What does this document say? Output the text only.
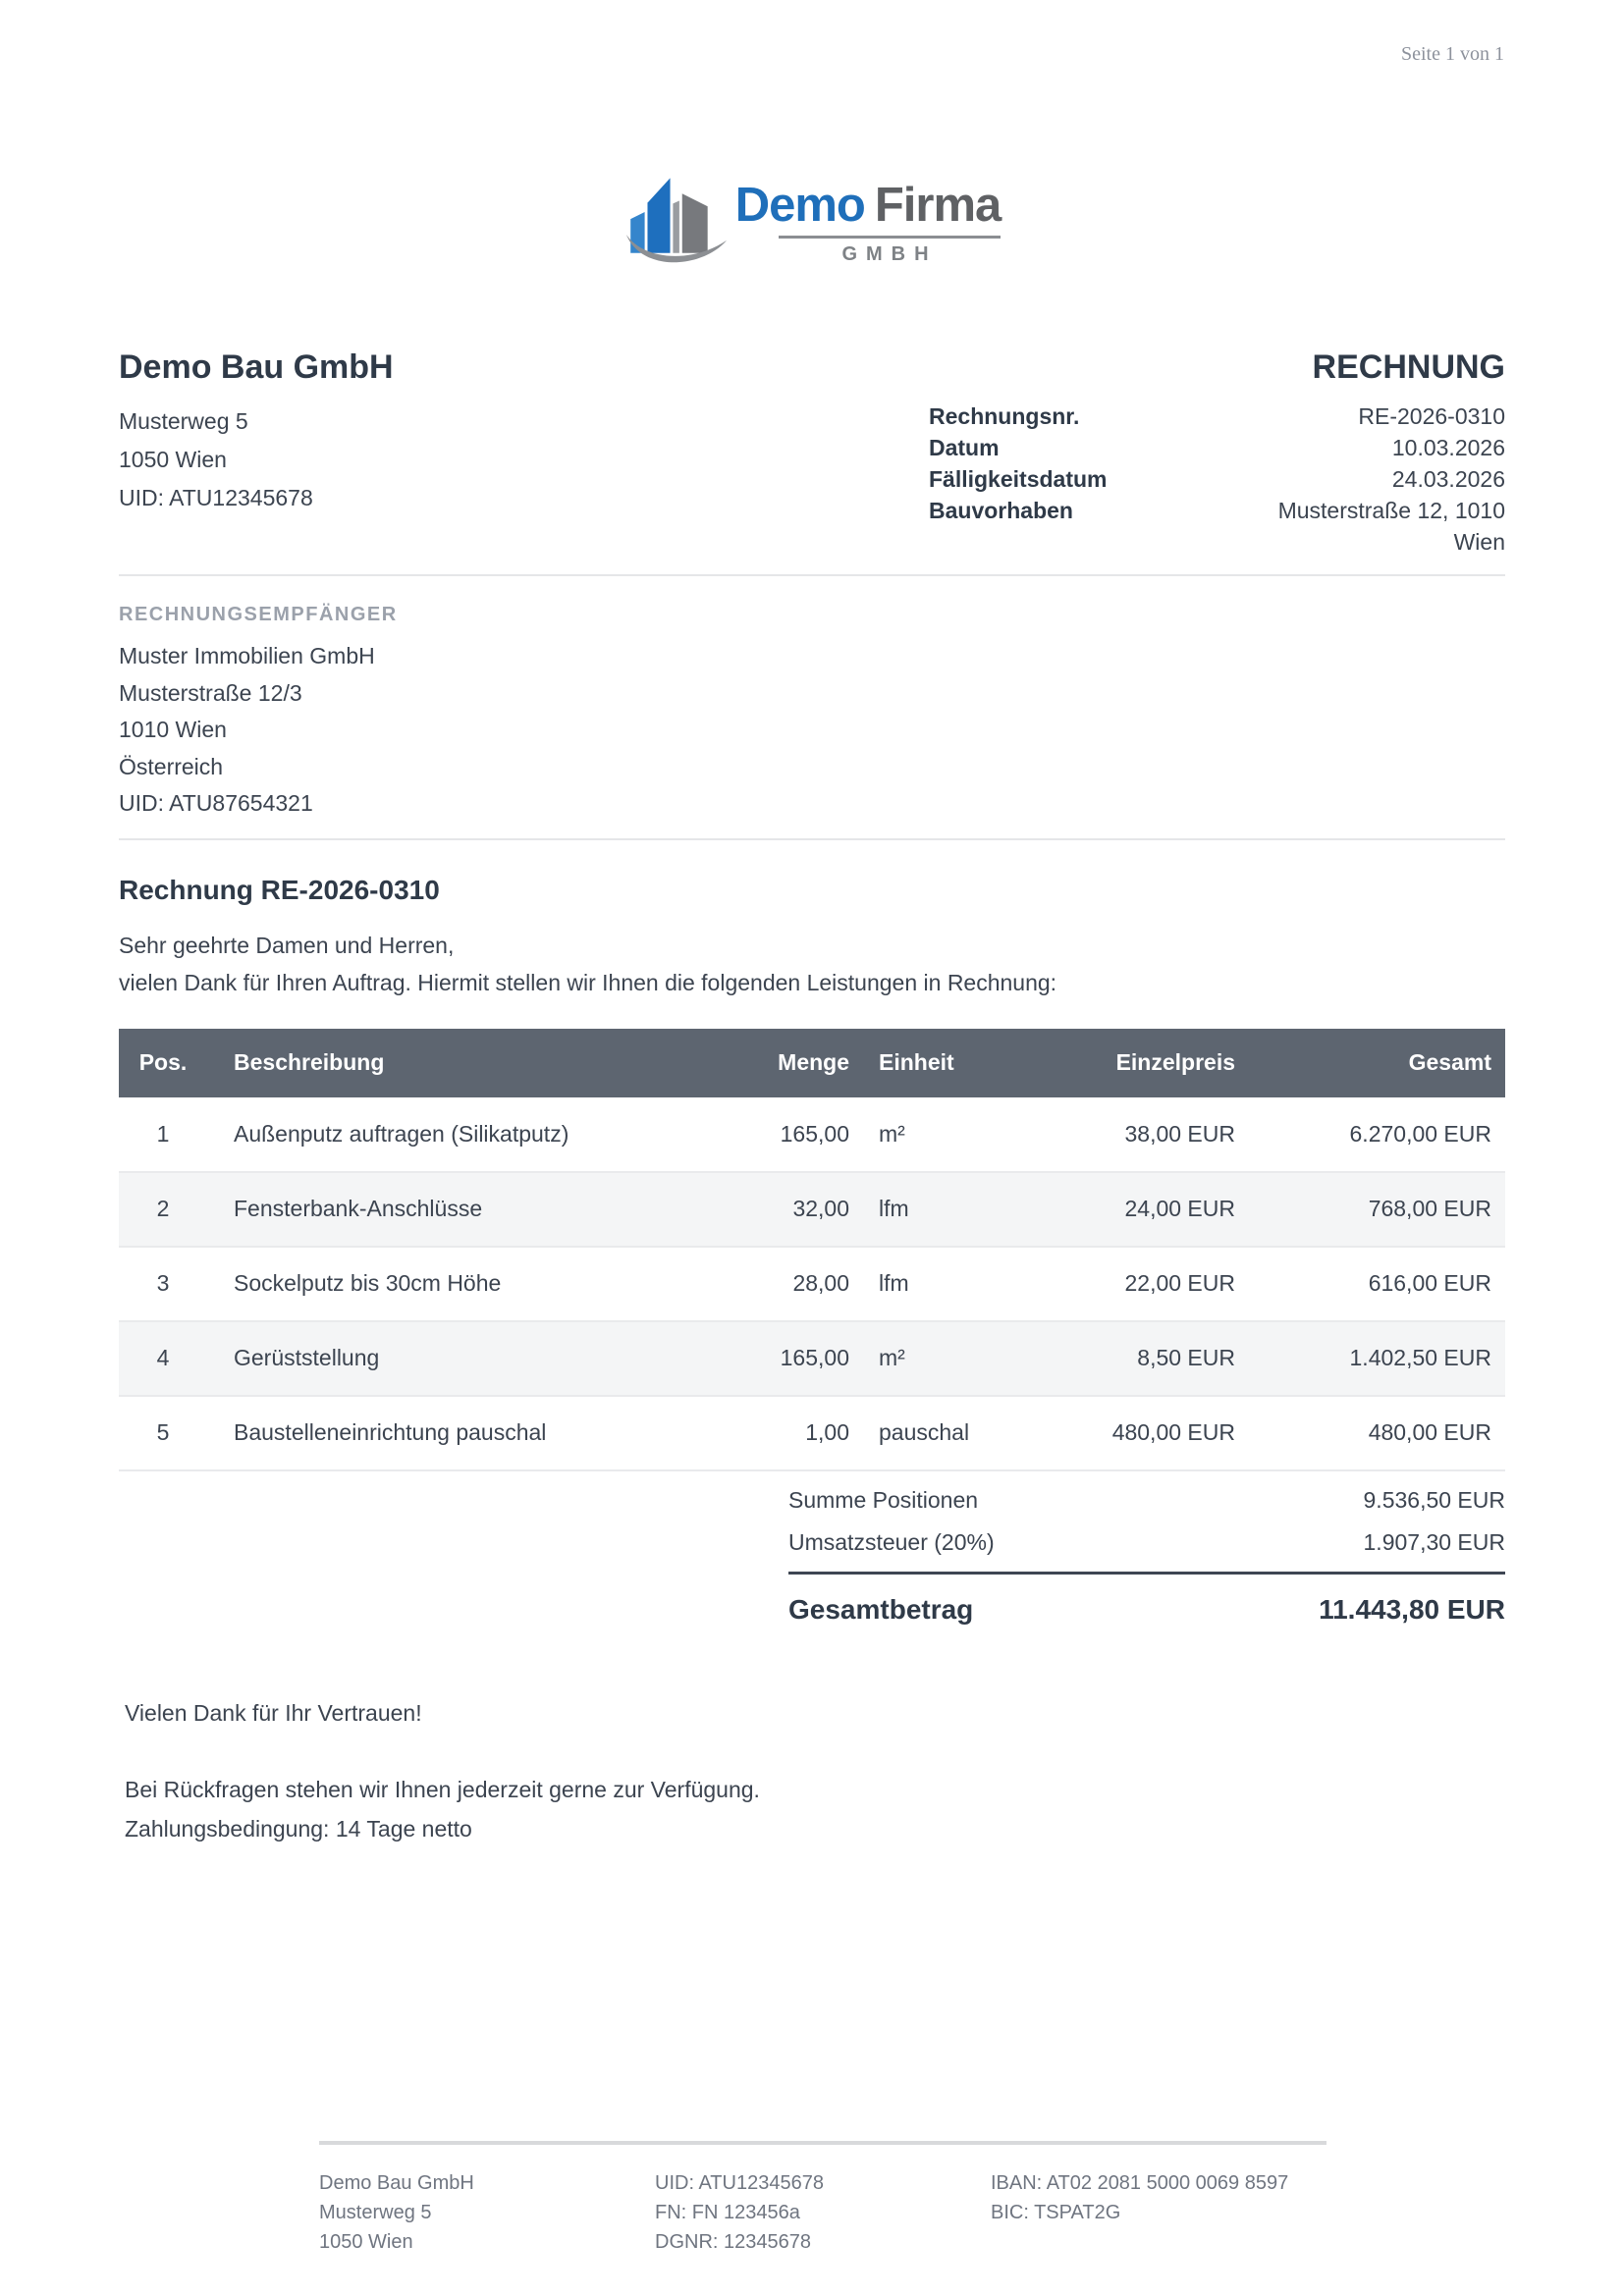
Seite 1 von 1
Demo Firma
GMBH
Demo Bau GmbH
Musterweg 5
1050 Wien
UID: ATU12345678
RECHNUNG
Rechnungsnr.	RE-2026-0310
Datum	10.03.2026
Fälligkeitsdatum	24.03.2026
Bauvorhaben	Musterstraße 12, 1010 Wien
RECHNUNGSEMPFÄNGER
Muster Immobilien GmbH
Musterstraße 12/3
1010 Wien
Österreich
UID: ATU87654321
Rechnung RE-2026-0310
Sehr geehrte Damen und Herren,
vielen Dank für Ihren Auftrag. Hiermit stellen wir Ihnen die folgenden Leistungen in Rechnung:
Pos.	Beschreibung	Menge	Einheit	Einzelpreis	Gesamt
1	Außenputz auftragen (Silikatputz)	165,00	m²	38,00 EUR	6.270,00 EUR
2	Fensterbank-Anschlüsse	32,00	lfm	24,00 EUR	768,00 EUR
3	Sockelputz bis 30cm Höhe	28,00	lfm	22,00 EUR	616,00 EUR
4	Gerüststellung	165,00	m²	8,50 EUR	1.402,50 EUR
5	Baustelleneinrichtung pauschal	1,00	pauschal	480,00 EUR	480,00 EUR
Summe Positionen	9.536,50 EUR
Umsatzsteuer (20%)	1.907,30 EUR
Gesamtbetrag	11.443,80 EUR
Vielen Dank für Ihr Vertrauen!
Bei Rückfragen stehen wir Ihnen jederzeit gerne zur Verfügung.
Zahlungsbedingung: 14 Tage netto
Demo Bau GmbH
Musterweg 5
1050 Wien
UID: ATU12345678
FN: FN 123456a
DGNR: 12345678
IBAN: AT02 2081 5000 0069 8597
BIC: TSPAT2G
